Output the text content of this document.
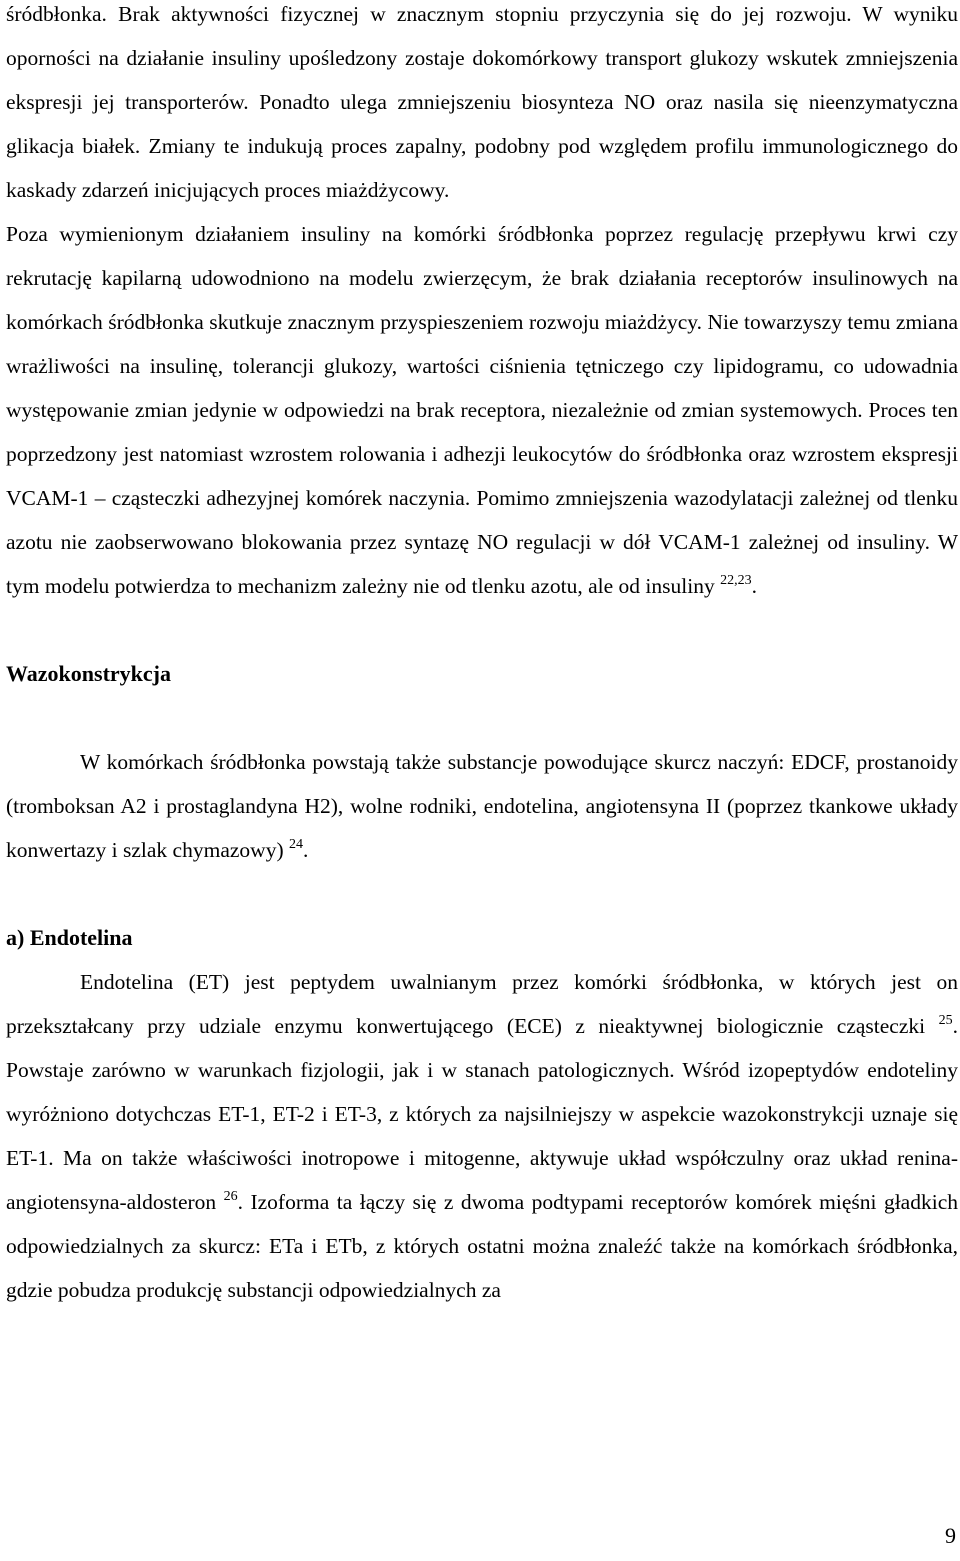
śródbłonka. Brak aktywności fizycznej w znacznym stopniu przyczynia się do jej rozwoju. W wyniku oporności na działanie insuliny upośledzony zostaje dokomórkowy transport glukozy wskutek zmniejszenia ekspresji jej transporterów. Ponadto ulega zmniejszeniu biosynteza NO oraz nasila się nieenzymatyczna glikacja białek. Zmiany te indukują proces zapalny, podobny pod względem profilu immunologicznego do kaskady zdarzeń inicjujących proces miażdżycowy.

Poza wymienionym działaniem insuliny na komórki śródbłonka poprzez regulację przepływu krwi czy rekrutację kapilarną udowodniono na modelu zwierzęcym, że brak działania receptorów insulinowych na komórkach śródbłonka skutkuje znacznym przyspieszeniem rozwoju miażdżycy. Nie towarzyszy temu zmiana wrażliwości na insulinę, tolerancji glukozy, wartości ciśnienia tętniczego czy lipidogramu, co udowadnia występowanie zmian jedynie w odpowiedzi na brak receptora, niezależnie od zmian systemowych. Proces ten poprzedzony jest natomiast wzrostem rolowania i adhezji leukocytów do śródbłonka oraz wzrostem ekspresji VCAM-1 – cząsteczki adhezyjnej komórek naczynia. Pomimo zmniejszenia wazodylatacji zależnej od tlenku azotu nie zaobserwowano blokowania przez syntazę NO regulacji w dół VCAM-1 zależnej od insuliny. W tym modelu potwierdza to mechanizm zależny nie od tlenku azotu, ale od insuliny $^{22,23}$.

Wazokonstrykcja

W komórkach śródbłonka powstają także substancje powodujące skurcz naczyń: EDCF, prostanoidy (tromboksan A2 i prostaglandyna H2), wolne rodniki, endotelina, angiotensyna II (poprzez tkankowe układy konwertazy i szlak chymazowy) $^{24}$.

a) Endotelina

Endotelina (ET) jest peptydem uwalnianym przez komórki śródbłonka, w których jest on przekształcany przy udziale enzymu konwertującego (ECE) z nieaktywnej biologicznie cząsteczki $^{25}$. Powstaje zarówno w warunkach fizjologii, jak i w stanach patologicznych. Wśród izopeptydów endoteliny wyróżniono dotychczas ET-1, ET-2 i ET-3, z których za najsilniejszy w aspekcie wazokonstrykcji uznaje się ET-1. Ma on także właściwości inotropowe i mitogenne, aktywuje układ współczulny oraz układ renina-angiotensyna-aldosteron $^{26}$. Izoforma ta łączy się z dwoma podtypami receptorów komórek mięśni gładkich odpowiedzialnych za skurcz: ETa i ETb, z których ostatni można znaleźć także na komórkach śródbłonka, gdzie pobudza produkcję substancji odpowiedzialnych za

9
